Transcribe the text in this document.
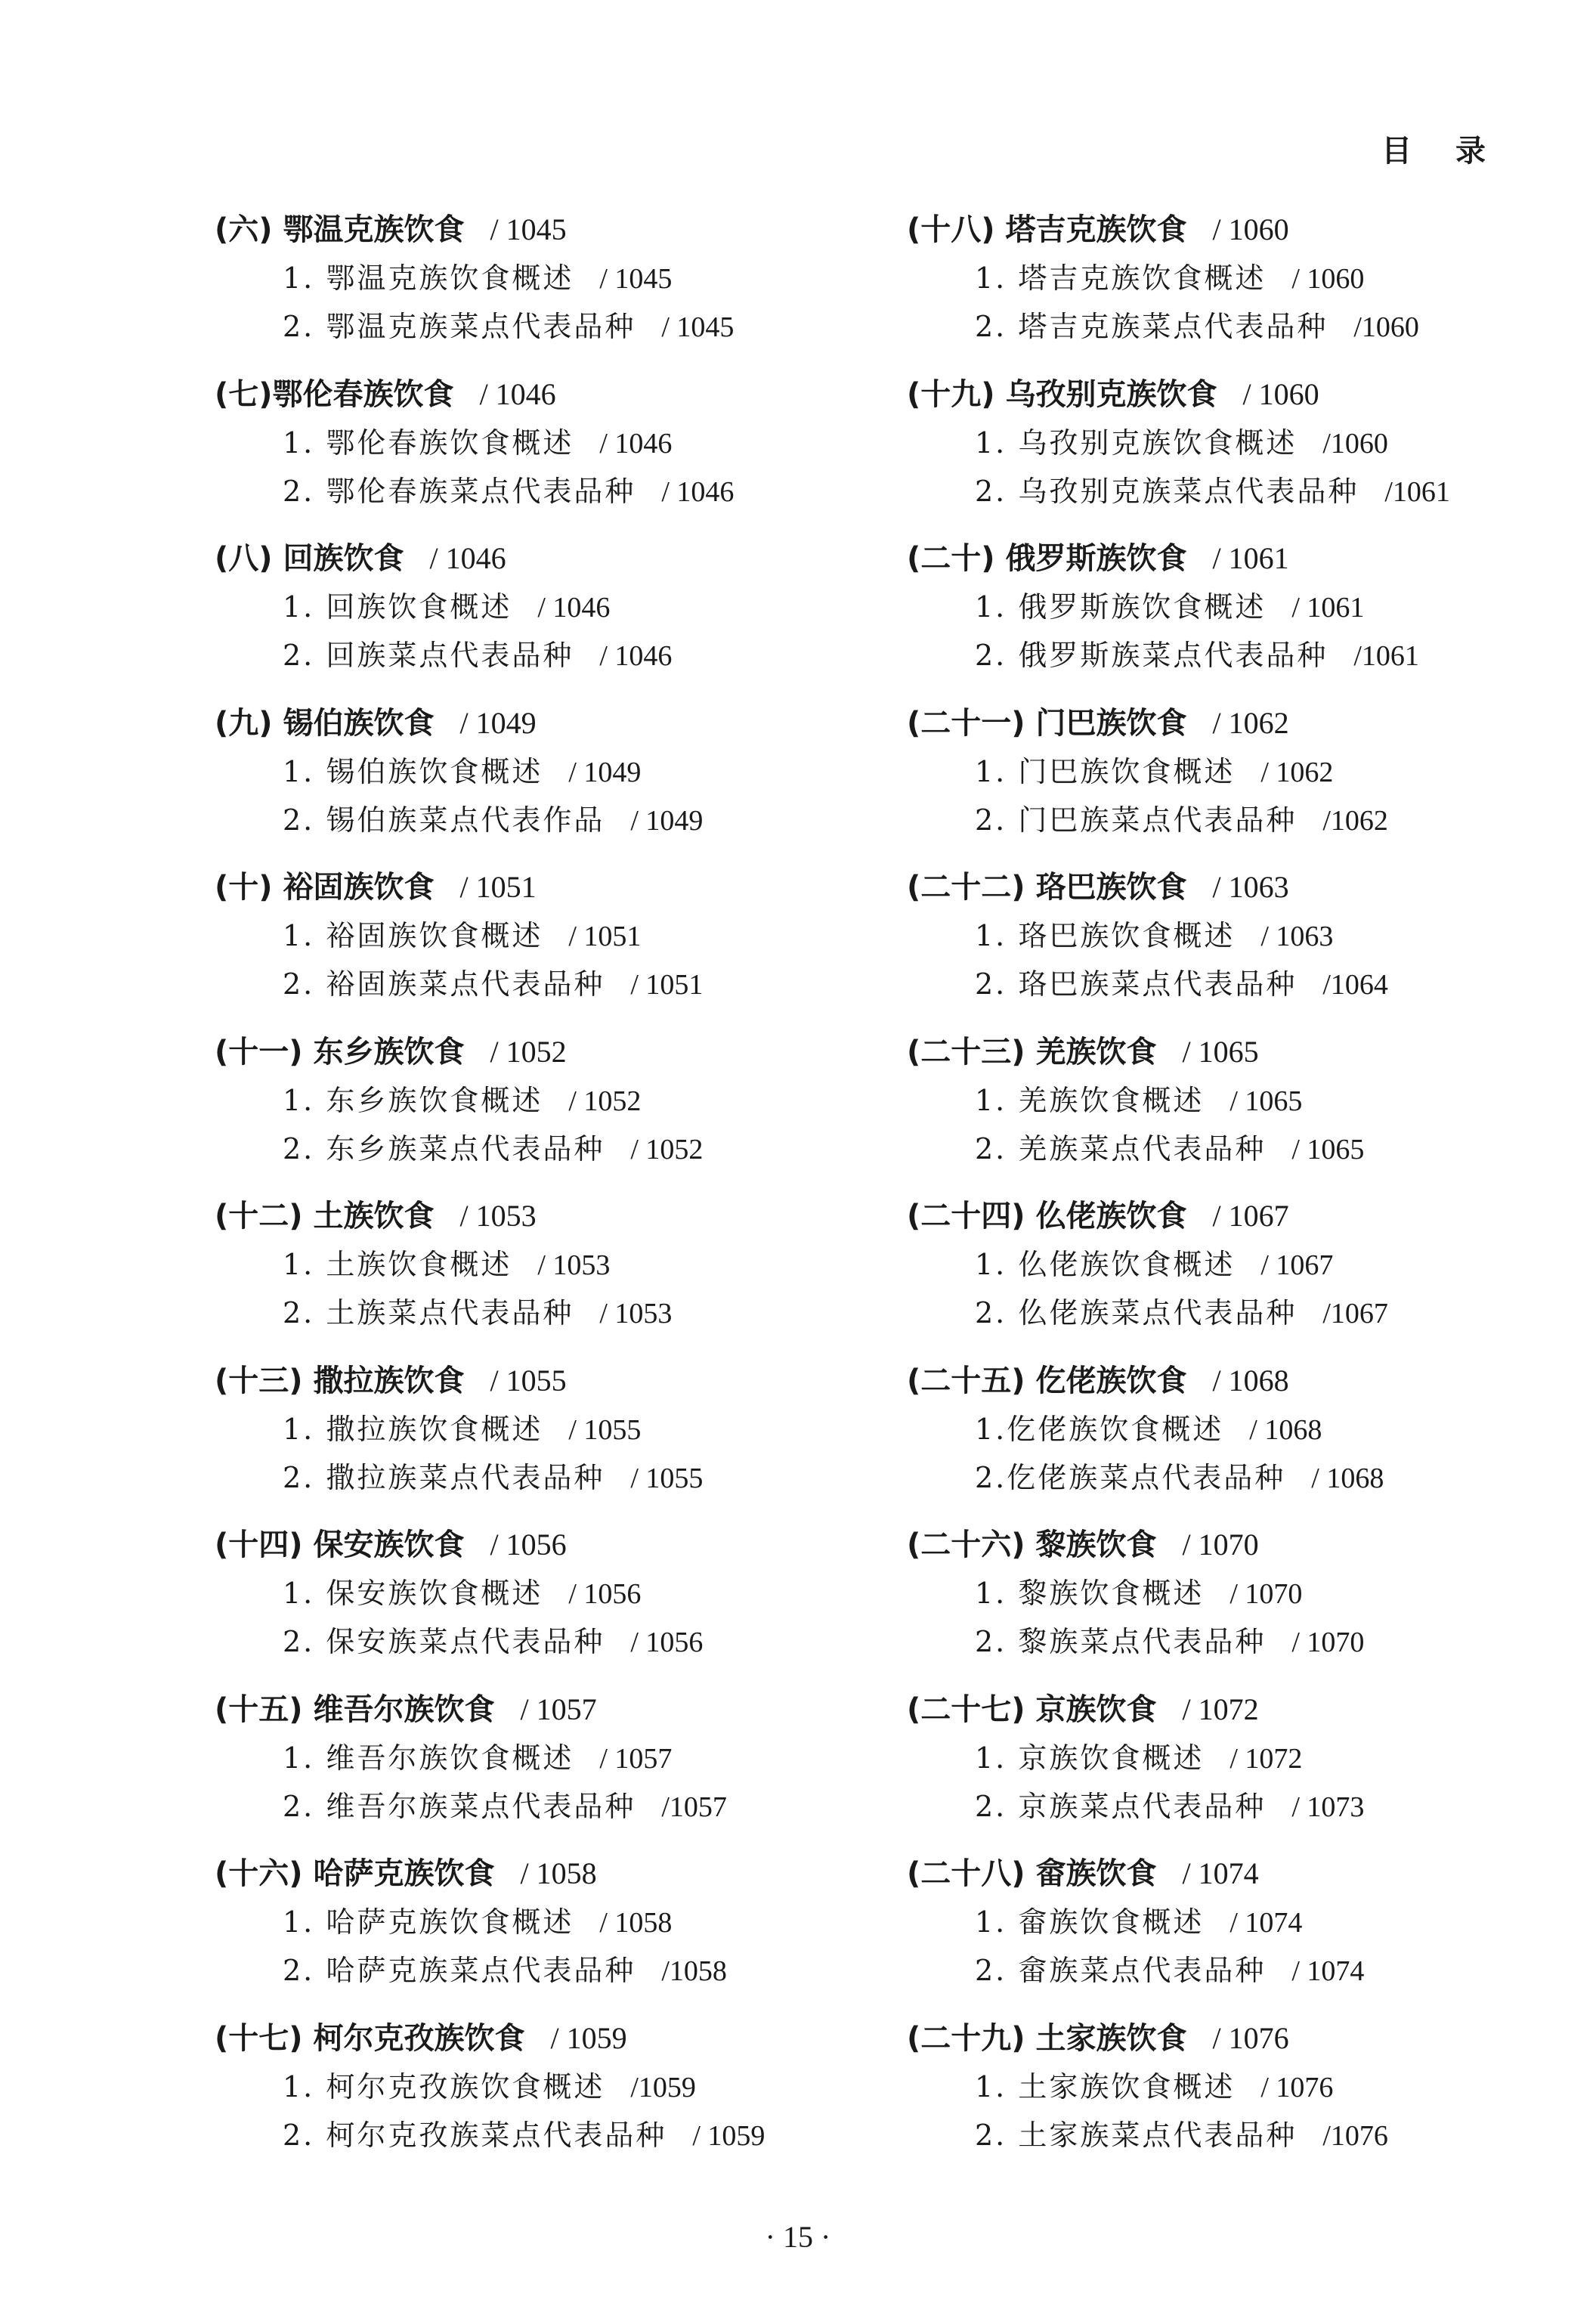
目 录
(六) 鄂温克族饮食 / 1045
1. 鄂温克族饮食概述 / 1045
2. 鄂温克族菜点代表品种 / 1045
(七)鄂伦春族饮食 / 1046
1. 鄂伦春族饮食概述 / 1046
2. 鄂伦春族菜点代表品种 / 1046
(八) 回族饮食 / 1046
1. 回族饮食概述 / 1046
2. 回族菜点代表品种 / 1046
(九) 锡伯族饮食 / 1049
1. 锡伯族饮食概述 / 1049
2. 锡伯族菜点代表作品 / 1049
(十) 裕固族饮食 / 1051
1. 裕固族饮食概述 / 1051
2. 裕固族菜点代表品种 / 1051
(十一) 东乡族饮食 / 1052
1. 东乡族饮食概述 / 1052
2. 东乡族菜点代表品种 / 1052
(十二) 土族饮食 / 1053
1. 土族饮食概述 / 1053
2. 土族菜点代表品种 / 1053
(十三) 撒拉族饮食 / 1055
1. 撒拉族饮食概述 / 1055
2. 撒拉族菜点代表品种 / 1055
(十四) 保安族饮食 / 1056
1. 保安族饮食概述 / 1056
2. 保安族菜点代表品种 / 1056
(十五) 维吾尔族饮食 / 1057
1. 维吾尔族饮食概述 / 1057
2. 维吾尔族菜点代表品种 /1057
(十六) 哈萨克族饮食 / 1058
1. 哈萨克族饮食概述 / 1058
2. 哈萨克族菜点代表品种 /1058
(十七) 柯尔克孜族饮食 / 1059
1. 柯尔克孜族饮食概述 /1059
2. 柯尔克孜族菜点代表品种 / 1059
(十八) 塔吉克族饮食 / 1060
1. 塔吉克族饮食概述 / 1060
2. 塔吉克族菜点代表品种 /1060
(十九) 乌孜别克族饮食 / 1060
1. 乌孜别克族饮食概述 /1060
2. 乌孜别克族菜点代表品种 /1061
(二十) 俄罗斯族饮食 / 1061
1. 俄罗斯族饮食概述 / 1061
2. 俄罗斯族菜点代表品种 /1061
(二十一) 门巴族饮食 / 1062
1. 门巴族饮食概述 / 1062
2. 门巴族菜点代表品种 /1062
(二十二) 珞巴族饮食 / 1063
1. 珞巴族饮食概述 / 1063
2. 珞巴族菜点代表品种 /1064
(二十三) 羌族饮食 / 1065
1. 羌族饮食概述 / 1065
2. 羌族菜点代表品种 / 1065
(二十四) 仫佬族饮食 / 1067
1. 仫佬族饮食概述 / 1067
2. 仫佬族菜点代表品种 /1067
(二十五) 仡佬族饮食 / 1068
1.仡佬族饮食概述 / 1068
2.仡佬族菜点代表品种 / 1068
(二十六) 黎族饮食 / 1070
1. 黎族饮食概述 / 1070
2. 黎族菜点代表品种 / 1070
(二十七) 京族饮食 / 1072
1. 京族饮食概述 / 1072
2. 京族菜点代表品种 / 1073
(二十八) 畲族饮食 / 1074
1. 畲族饮食概述 / 1074
2. 畲族菜点代表品种 / 1074
(二十九) 土家族饮食 / 1076
1. 土家族饮食概述 / 1076
2. 土家族菜点代表品种 /1076
· 15 ·
